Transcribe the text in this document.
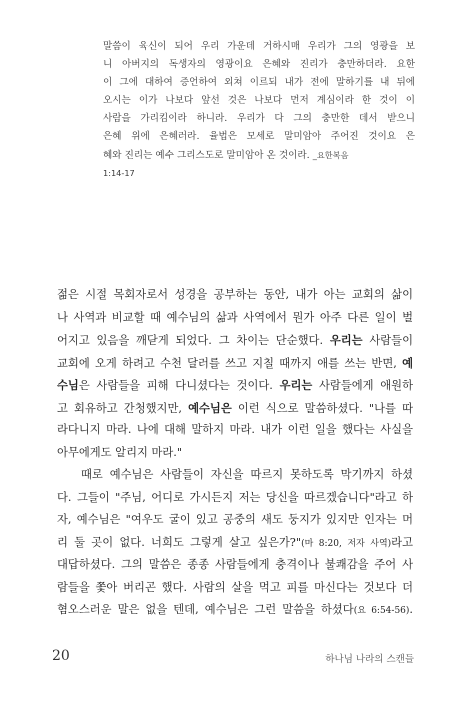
말씀이 육신이 되어 우리 가운데 거하시매 우리가 그의 영광을 보
니 아버지의 독생자의 영광이요 은혜와 진리가 충만하더라. 요한
이 그에 대하여 증언하여 외쳐 이르되 내가 전에 말하기를 내 뒤에
오시는 이가 나보다 앞선 것은 나보다 먼저 계심이라 한 것이 이
사람을 가리킴이라 하니라. 우리가 다 그의 충만한 데서 받으니
은혜 위에 은혜러라. 율법은 모세로 말미암아 주어진 것이요 은
혜와 진리는 예수 그리스도로 말미암아 온 것이라. _요한복음
1:14-17
젊은 시절 목회자로서 성경을 공부하는 동안, 내가 아는 교회의 삶이
나 사역과 비교할 때 예수님의 삶과 사역에서 뭔가 아주 다른 일이 벌
어지고 있음을 깨닫게 되었다. 그 차이는 단순했다. 우리는 사람들이
교회에 오게 하려고 수천 달러를 쓰고 지칠 때까지 애를 쓰는 반면, 예
수님은 사람들을 피해 다니셨다는 것이다. 우리는 사람들에게 애원하
고 회유하고 간청했지만, 예수님은 이런 식으로 말씀하셨다. "나를 따
라다니지 마라. 나에 대해 말하지 마라. 내가 이런 일을 했다는 사실을
아무에게도 알리지 마라."
때로 예수님은 사람들이 자신을 따르지 못하도록 막기까지 하셨
다. 그들이 "주님, 어디로 가시든지 저는 당신을 따르겠습니다"라고 하
자, 예수님은 "여우도 굴이 있고 공중의 새도 둥지가 있지만 인자는 머
리 둘 곳이 없다. 너희도 그렇게 살고 싶은가?"(마 8:20, 저자 사역)라고
대답하셨다. 그의 말씀은 종종 사람들에게 충격이나 불쾌감을 주어 사
람들을 쫓아 버리곤 했다. 사람의 살을 먹고 피를 마신다는 것보다 더
혐오스러운 말은 없을 텐데, 예수님은 그런 말씀을 하셨다(요 6:54-56).
20	하나님 나라의 스캔들
